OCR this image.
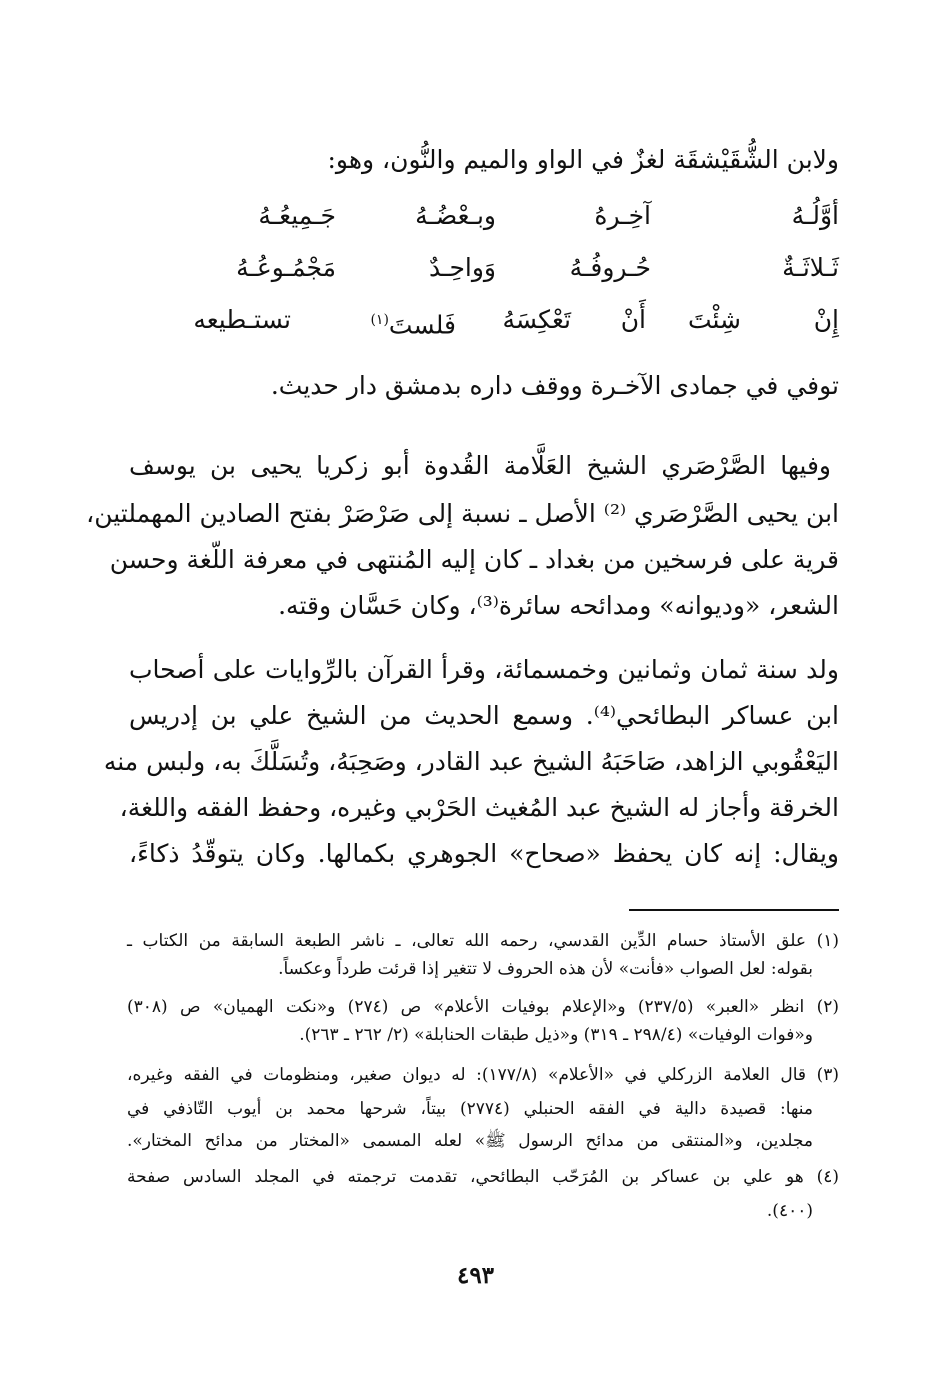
ولابن الشُّقَيْشقَة لغزٌ في الواو والميم والنُّون، وهو:
أوَّلُـهُ
آخِـرهُ
وبـعْضُـهُ
جَـمِيعُـهُ
ثَـلاثَـةٌ
حُـروفُـهُ
وَواحِـدٌ
مَجْمُـوعُـهُ
إِنْ
شِئْتَ
أَنْ
تَعْكِسَهُ
فَلستَ$^{(١)}$
تستـطيعه
توفي في جمادى الآخـرة ووقف داره بدمشق دار حديث.
وفيها الصَّرْصَري الشيخ العَلَّامة القُدوة أبو زكريا يحيى بن يوسف
ابن يحيى الصَّرْصَري ⁽²⁾ الأصل ـ نسبة إلى صَرْصَرْ بفتح الصادين المهملتين،
قرية على فرسخين من بغداد ـ كان إليه المُنتهى في معرفة اللّغة وحسن
الشعر، «وديوانه» ومدائحه سائرة⁽³⁾، وكان حَسَّان وقته.
ولد سنة ثمان وثمانين وخمسمائة، وقرأ القرآن بالرِّوايات على أصحاب
ابن عساكر البطائحي⁽⁴⁾. وسمع الحديث من الشيخ علي بن إدريس
اليَعْقُوبي الزاهد، صَاحَبَهُ الشيخ عبد القادر، وصَحِبَهُ، وتُسَلَّكَ به، ولبس منه
الخرقة وأجاز له الشيخ عبد المُغيث الحَرْبي وغيره، وحفظ الفقه واللغة،
ويقال: إنه كان يحفظ «صحاح» الجوهري بكمالها. وكان يتوقّدُ ذكاءً،
(١) علق الأستاذ حسام الدِّين القدسي، رحمه الله تعالى، ـ ناشر الطبعة السابقة من الكتاب ـ
بقوله: لعل الصواب «فأنت» لأن هذه الحروف لا تتغير إذا قرئت طرداً وعكساً.
(٢) انظر «العبر» (٢٣٧/٥) و«الإعلام بوفيات الأعلام» ص (٢٧٤) و«نكت الهميان» ص (٣٠٨)
و«فوات الوفيات» (٢٩٨/٤ ـ ٣١٩) و«ذيل طبقات الحنابلة» (٢/ ٢٦٢ ـ ٢٦٣).
(٣) قال العلامة الزركلي في «الأعلام» (١٧٧/٨): له ديوان صغير، ومنظومات في الفقه وغيره،
منها: قصيدة دالية في الفقه الحنبلي (٢٧٧٤) بيتاً، شرحها محمد بن أيوب التّاذفي في
مجلدين، و«المنتقى من مدائح الرسول ﷺ» لعله المسمى «المختار من مدائح المختار».
(٤) هو علي بن عساكر بن المُرَحّب البطائحي، تقدمت ترجمته في المجلد السادس صفحة
(٤٠٠).
٤٩٣
